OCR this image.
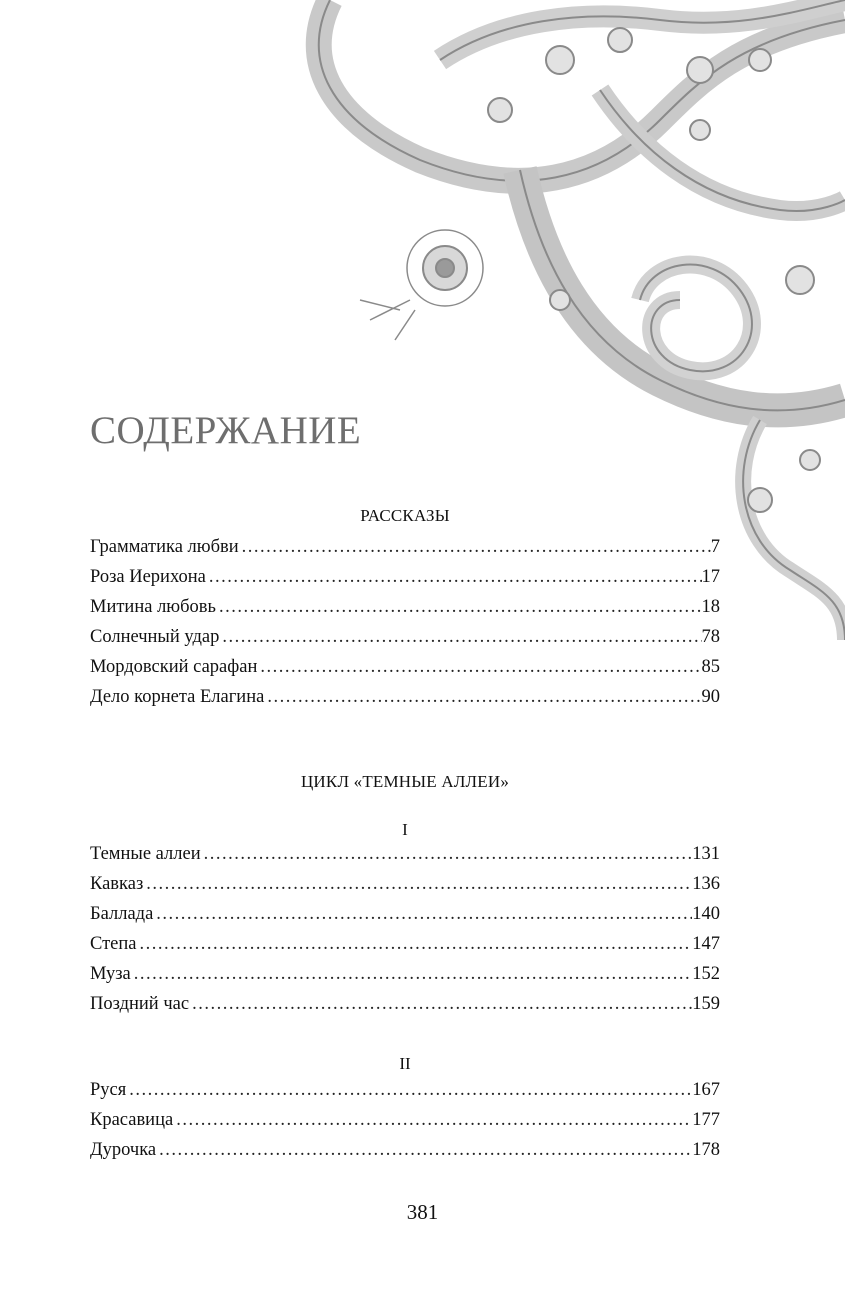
СОДЕРЖАНИЕ
РАССКАЗЫ
Грамматика любви .....	7
Роза Иерихона .....	17
Митина любовь .....	18
Солнечный удар .....	78
Мордовский сарафан .....	85
Дело корнета Елагина .....	90
ЦИКЛ «ТЕМНЫЕ АЛЛЕИ»
I
Темные аллеи .....	131
Кавказ .....	136
Баллада .....	140
Степа .....	147
Муза .....	152
Поздний час .....	159
II
Руся .....	167
Красавица .....	177
Дурочка .....	178
381
